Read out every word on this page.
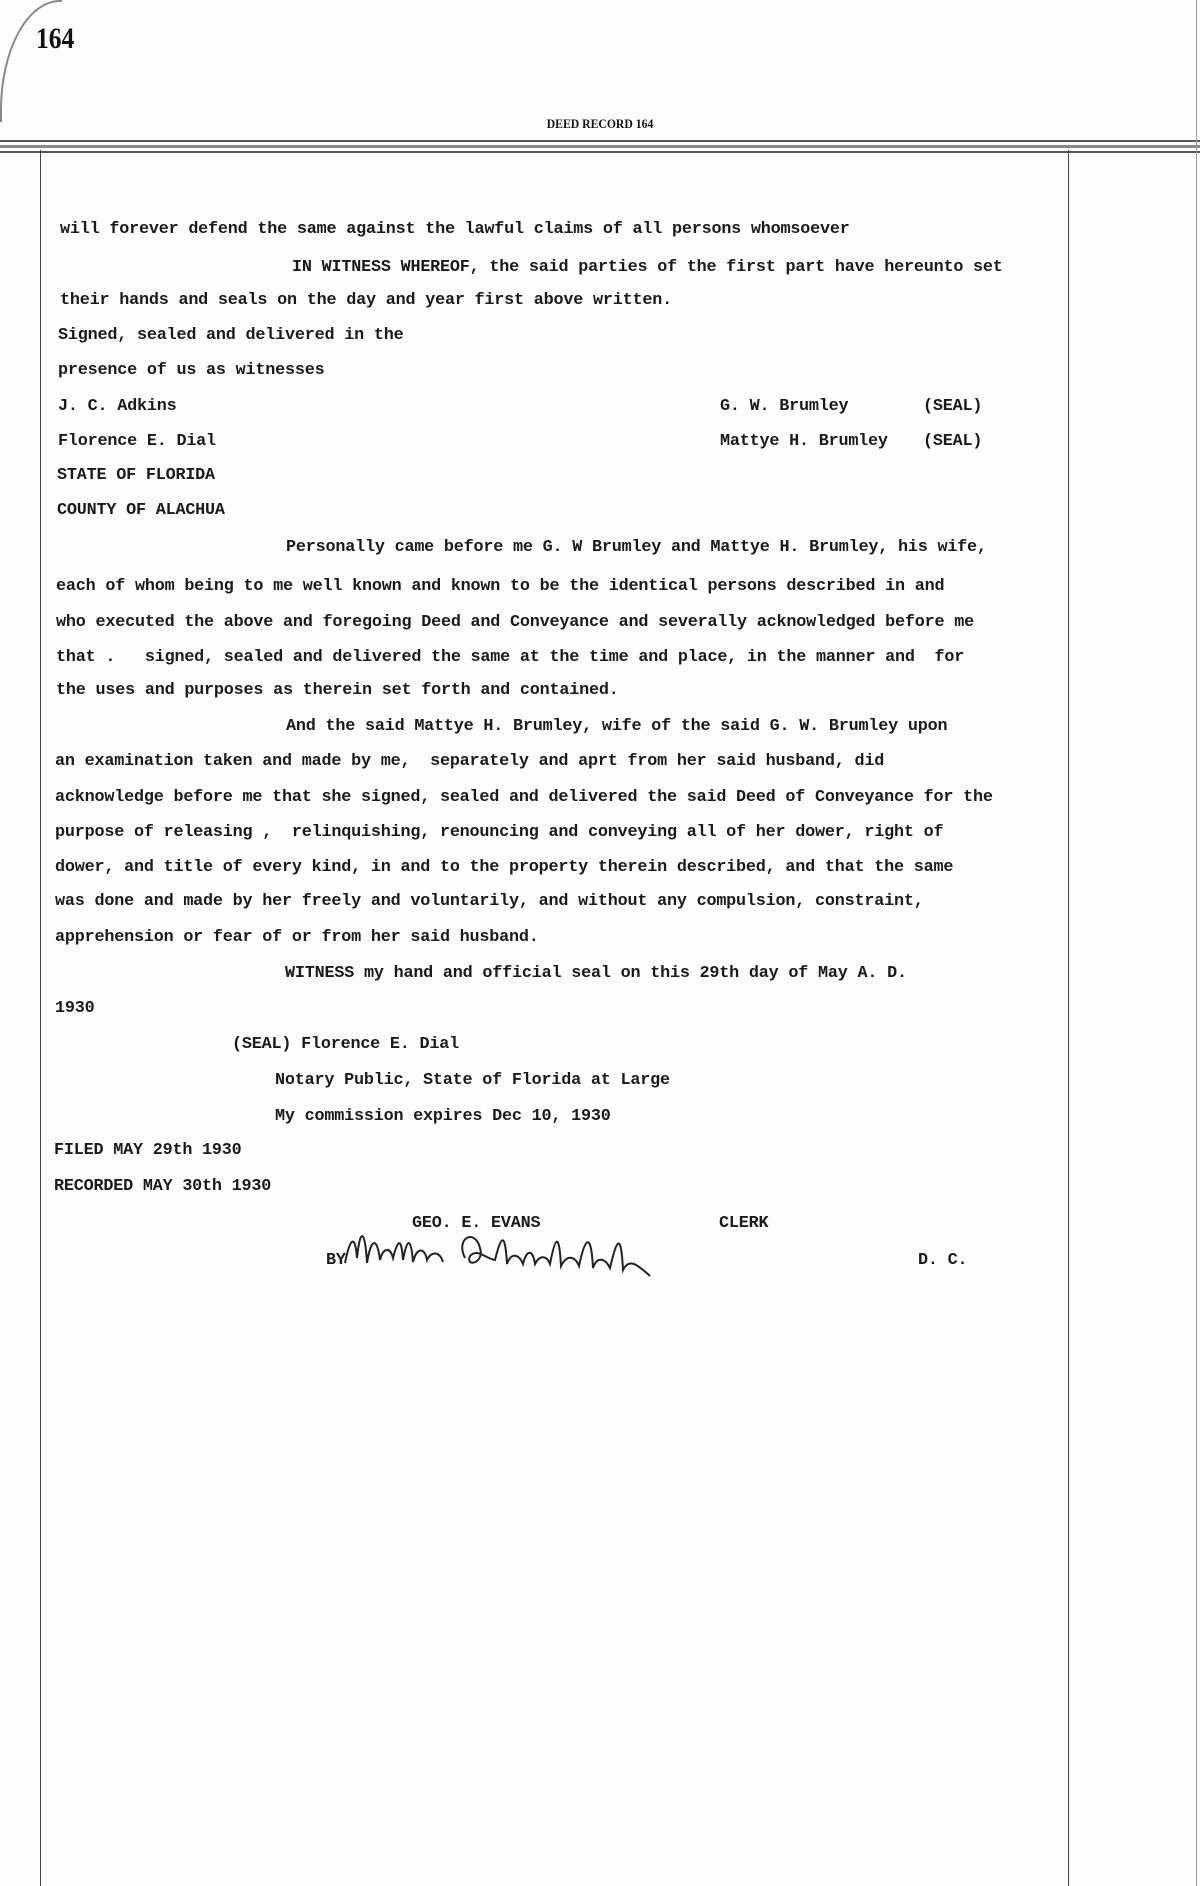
164
DEED RECORD 164
will forever defend the same against the lawful claims of all persons whomsoever
IN WITNESS WHEREOF, the said parties of the first part have hereunto set
their hands and seals on the day and year first above written.
Signed, sealed and delivered in the
presence of us as witnesses
J. C. Adkins	G. W. Brumley	(SEAL)
Florence E. Dial	Mattye H. Brumley (SEAL)
STATE OF FLORIDA
COUNTY OF ALACHUA
Personally came before me G. W Brumley and Mattye H. Brumley, his wife,
each of whom being to me well known and known to be the identical persons described in and
who executed the above and foregoing Deed and Conveyance and severally acknowledged before me
that .   signed, sealed and delivered the same at the time and place, in the manner and  for
the uses and purposes as therein set forth and contained.
And the said Mattye H. Brumley, wife of the said G. W. Brumley upon
an examination taken and made by me,  separately and aprt from her said husband, did
acknowledge before me that she signed, sealed and delivered the said Deed of Conveyance for the
purpose of releasing ,  relinquishing, renouncing and conveying all of her dower, right of
dower, and title of every kind, in and to the property therein described, and that the same
was done and made by her freely and voluntarily, and without any compulsion, constraint,
apprehension or fear of or from her said husband.
WITNESS my hand and official seal on this 29th day of May A. D.
1930
(SEAL) Florence E. Dial
Notary Public, State of Florida at Large
My commission expires Dec 10, 1930
FILED MAY 29th 1930
RECORDED MAY 30th 1930
GEO. E. EVANS	CLERK
BY	D. C.
